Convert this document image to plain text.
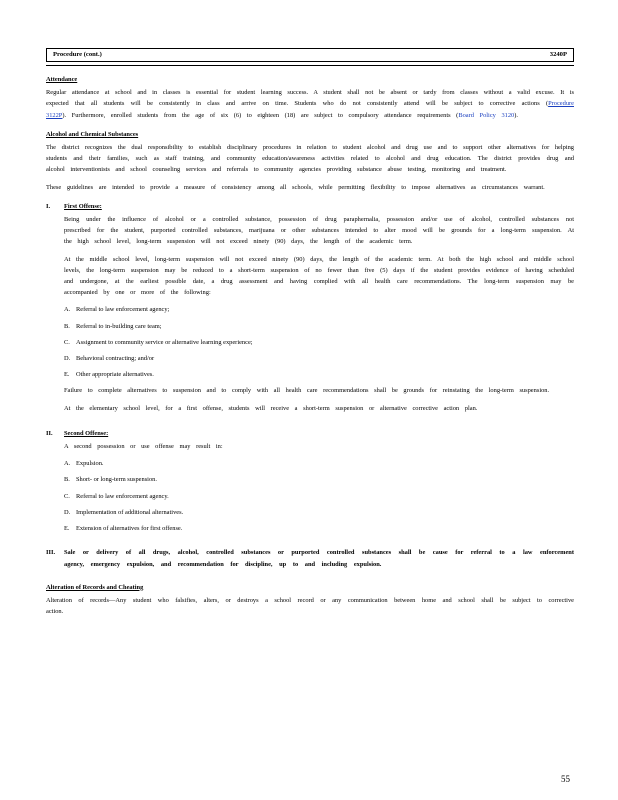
Procedure (cont.)	3240P
Attendance

Regular attendance at school and in classes is essential for student learning success. A student shall not be absent or tardy from classes without a valid excuse. It is expected that all students will be consistently in class and arrive on time. Students who do not consistently attend will be subject to corrective actions (Procedure 3122P). Furthermore, enrolled students from the age of six (6) to eighteen (18) are subject to compulsory attendance requirements (Board Policy 3120).

Alcohol and Chemical Substances

The district recognizes the dual responsibility to establish disciplinary procedures in relation to student alcohol and drug use and to support other alternatives for helping students and their families, such as staff training, and community education/awareness activities related to alcohol and drug education. The district provides drug and alcohol interventionists and school counseling services and referrals to community agencies providing substance abuse testing, monitoring and treatment.

These guidelines are intended to provide a measure of consistency among all schools, while permitting flexibility to impose alternatives as circumstances warrant.

I.	First Offense:

Being under the influence of alcohol or a controlled substance, possession of drug paraphernalia, possession and/or use of alcohol, controlled substances not prescribed for the student, purported controlled substances, marijuana or other substances intended to alter mood will be grounds for a long-term suspension. At the high school level, long-term suspension will not exceed ninety (90) days, the length of the academic term.

At the middle school level, long-term suspension will not exceed ninety (90) days, the length of the academic term. At both the high school and middle school levels, the long-term suspension may be reduced to a short-term suspension of no fewer than five (5) days if the student provides evidence of having scheduled and undergone, at the earliest possible date, a drug assessment and having complied with all health care recommendations. The long-term suspension may be accompanied by one or more of the following:

A. Referral to law enforcement agency;
B. Referral to in-building care team;
C. Assignment to community service or alternative learning experience;
D. Behavioral contracting; and/or
E.	Other appropriate alternatives.

Failure to complete alternatives to suspension and to comply with all health care recommendations shall be grounds for reinstating the long-term suspension.

At the elementary school level, for a first offense, students will receive a short-term suspension or alternative corrective action plan.

II.	Second Offense:

A second possession or use offense may result in:

A. Expulsion.
B. Short- or long-term suspension.
C. Referral to law enforcement agency.
D. Implementation of additional alternatives.
E.	Extension of alternatives for first offense.
III.	Sale or delivery of all drugs, alcohol, controlled substances or purported controlled substances shall be cause for referral to a law enforcement agency, emergency expulsion, and recommendation for discipline, up to and including expulsion.
Alteration of Records and Cheating

Alteration of records—Any student who falsifies, alters, or destroys a school record or any communication between home and school shall be subject to corrective action.

55
